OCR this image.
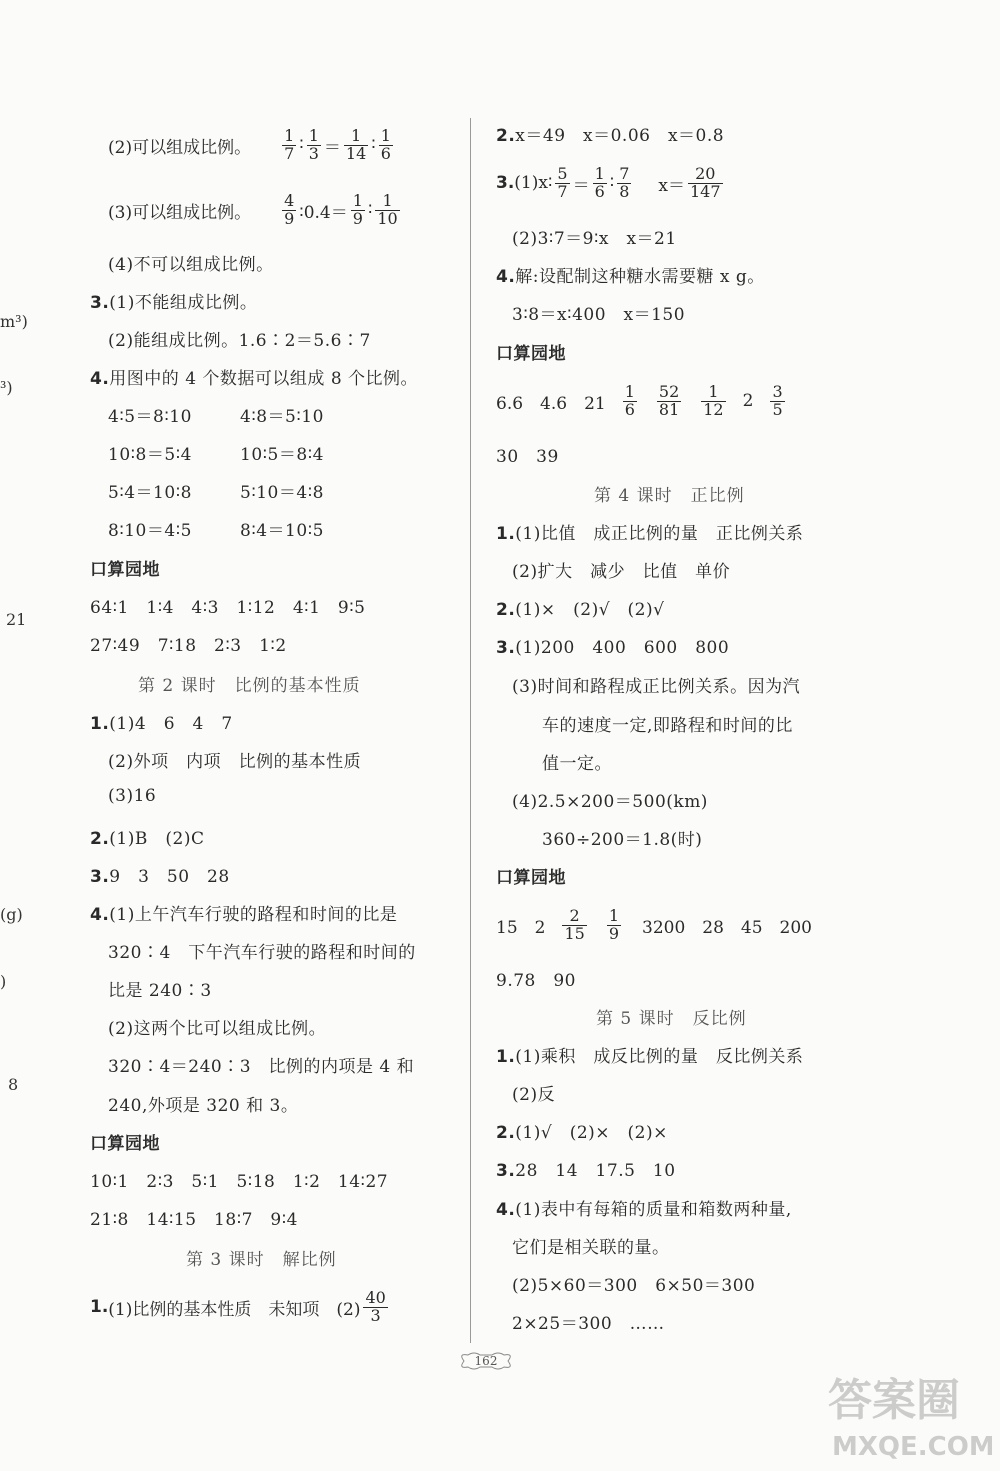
m³)
³)
21
(g)
)
8
(2)可以组成比例。 $\frac{1}{7}$ ∶ $\frac{1}{3} = \frac{1}{14}$ ∶ $\frac{1}{6}$
(3)可以组成比例。 $\frac{4}{9}$ ∶0.4＝ $\frac{1}{9}$ ∶ $\frac{1}{10}$
(4)不可以组成比例。
3.(1)不能组成比例。
(2)能组成比例。1.6∶2＝5.6∶7
4.用图中的 4 个数据可以组成 8 个比例。
4∶5＝8∶10	4∶8＝5∶10
10∶8＝5∶4	10∶5＝8∶4
5∶4＝10∶8	5∶10＝4∶8
8∶10＝4∶5	8∶4＝10∶5
口算园地
64∶1　1∶4　4∶3　1∶12　4∶1　9∶5
27∶49　7∶18　2∶3　1∶2
第 2 课时　比例的基本性质
1.(1)4　6　4　7
(2)外项　内项　比例的基本性质
(3)16
2.(1)B　(2)C
3.9　3　50　28
4.(1)上午汽车行驶的路程和时间的比是
320∶4　下午汽车行驶的路程和时间的
比是 240∶3
(2)这两个比可以组成比例。
320∶4＝240∶3　比例的内项是 4 和
240,外项是 320 和 3。
口算园地
10∶1　2∶3　5∶1　5∶18　1∶2　14∶27
21∶8　14∶15　18∶7　9∶4
第 3 课时　解比例
1. (1)比例的基本性质　未知项　$(2) \frac{40}{3}$
2.x＝49　x＝0.06　x＝0.8
3. (1)x∶ $\frac{5}{7} = \frac{1}{6}$ ∶ $\frac{7}{8} x= \frac{20}{147}$
(2)3∶7＝9∶x　x＝21
4.解:设配制这种糖水需要糖 x g。
3∶8＝x∶400　x＝150
口算园地
6.6　4.6　$21 \frac{1}{6} \frac{52}{81} \frac{1}{12} 2 \frac{3}{5}$
30　39
第 4 课时　正比例
1.(1)比值　成正比例的量　正比例关系
(2)扩大　减少　比值　单价
2.(1)×　(2)√　(2)√
3.(1)200　400　600　800
(3)时间和路程成正比例关系。因为汽
车的速度一定,即路程和时间的比
值一定。
(4)2.5×200＝500(km)
360÷200＝1.8(时)
口算园地
15　$2 \frac{2}{15} \frac{1}{9} 3200$　28　45　200
9.78　90
第 5 课时　反比例
1.(1)乘积　成反比例的量　反比例关系
(2)反
2.(1)√　(2)×　(2)×
3.28　14　17.5　10
4.(1)表中有每箱的质量和箱数两种量,
它们是相关联的量。
(2)5×60＝300　6×50＝300
2×25＝300　……
162
答案圈
MXQE.COM
